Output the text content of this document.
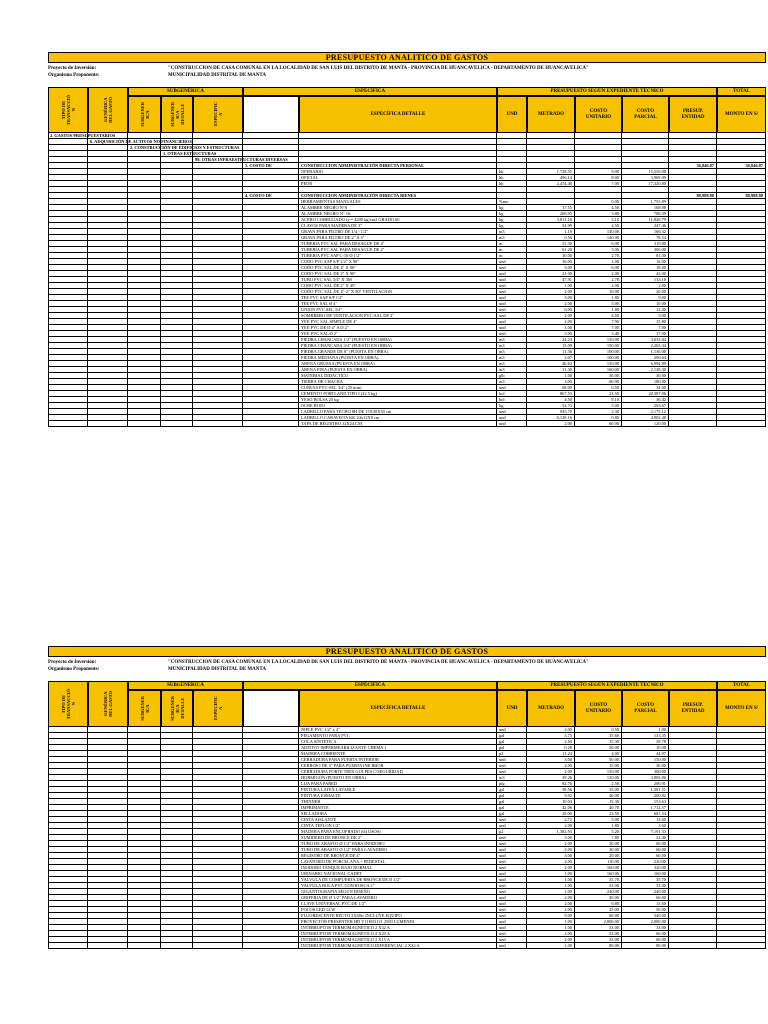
PRESUPUESTO ANALITICO DE GASTOS
Proyecto de Inversión:	"CONSTRUCCION DE CASA COMUNAL EN LA LOCALIDAD DE SAN LUIS DEL DISTRITO DE MANTA - PROVINCIA DE HUANCAVELICA - DEPARTAMENTO DE HUANCAVELICA"
Organismo Proponente:	MUNICIPALIDAD DISTRITAL DE MANTA
TIPO DE
TRANSACCIÓ
N	GENÉRICA
DEL GASTO
SUBGENÉRICA
SUBGENER
ICA	SUBGENER
ICA
DETALLE	ESPECIFIC
A
ESPECÍFICA
ESPECÍFICA DETALLE
PRESUPUESTO SEGÚN EXPEDIENTE TÉCNICO
UND	METRADO
COSTO
UNITARIO
COSTO
PARCIAL
PRESUP.
ENTIDAD
TOTAL
MONTO EN S/
2. GASTOS PRESUPUESTARIOS
6. ADQUISICIÓN DE ACTIVOS NO FINANCIEROS
2. CONSTRUCCIÓN DE EDIFICIOS Y ESTRUCTURAS
1. OTRAS ESTRUCTURAS
99. OTRAS INFRAESTRUCTURAS DIVERSAS
1. COSTO DE	CONSTRUCCION ADMINISTRACIÓN DIRECTA PERSONAL	36,846.87	36,846.87
OPERARIO	hh	1,728.55	9.00	15,556.98
OFICIAL	hh	496.14	8.00	3,969.09
PEON	hh	2,474.40	7.00	17,320.80
4. COSTO DE	CONSTRUCCION ADMINISTRACIÓN DIRECTA BIENES	88,988.88	88,988.88
HERRAMIENTAS MANUALES	%mo	0.00	1,753.89
ALAMBRE NEGRO N°8	kg	37.55	4.50	168.98
ALAMBRE NEGRO N° 16	kg	206.95	3.80	786.39
ACERO CORRUGADO fy = 4200 kg/cm2 GRADO 60	kg	3,813.16	3.10	11,820.79
CLAVOS PARA MADERA DE 3"	kg	54.99	4.50	247.46
GRAVA PARA FILTRO DE 1/4 - 1/2"	m3	1.19	140.00	166.32
GRAVA PARA FILTRO DE 2" A 3"	m3	0.56	140.00	78.54
TUBERIA PVC SAL PARA DESAGUE DE 4"	m	53.30	6.00	319.80
TUBERIA PVC SAL PARA DESAGUE DE 2"	m	61.20	5.00	306.00
TUBERIA PVC SAP C-10 Ø 1/2"	m	30.00	2.70	81.00
CODO PVC SAP S/P 1/2" X 90°	und	16.00	1.00	16.00
CODO PVC SAL DE 4" X 90°	und	3.00	6.00	18.00
CODO PVC SAL DE 2" X 90°	und	21.00	2.00	42.00
TUBO PVC SAL 3/4" X 3M	und	47.91	2.78	133.18
CODO PVC SAL DE 2" X 45°	und	1.00	2.00	2.00
CODO PVC SAL DE 4"-2" X 90° VENTILACION	und	2.00	10.00	20.00
TEE PVC SAP S/P 1/2"	und	5.00	1.80	9.00
TEE PVC SAL Ø 4"	und	2.00	5.00	10.00
UNION PVC SEL 3/4"	und	6.00	1.80	12.00
SOMBRERO DE VENTILACION PVC-SAL DE 2"	und	2.00	4.50	9.00
YEE PVC SAL SIMPLE DE 4"	und	2.00	7.90	15.80
YEE PVC DE Ø 4" A Ø 2"	und	1.00	7.00	7.00
YEE PVC SAL Ø 2"	und	5.00	3.40	17.00
PIEDRA CHANCADA 1/2" (PUESTO EN OBRA)	m3	24.23	150.00	3,633.84
PIEDRA CHANCADA 3/4" (PUESTO EN OBRA)	m3	15.09	150.00	2,263.34
PIEDRA GRANDE DE 8" (PUESTA EN OBRA)	m3	11.36	100.00	1,136.00
PIEDRA MEDIANA (PUESTA EN OBRA)	m3	2.07	100.00	206.64
ARENA GRUESA (PUESTA EN OBRA)	m3	46.63	150.00	6,994.89
ARENA FINA (PUESTA EN OBRA)	m3	11.30	160.00	2,128.30
MATERIAL DIDACTICO	glb	1.00	30.00	30.00
TIERRA DE CHACRA	m3	3.00	60.00	180.00
CURVAS PVC-SEL 3/4" (25 mm)	und	68.00	0.50	34.00
CEMENTO PORTLAND TIPO I (42.5 kg)	bol	867.53	23.50	20,387.06
YESO BOLSA 25 kg	bol	4.50	8.10	36.42
OCRE ROJO	kg	52.73	5.00	263.67
LADRILLO PARA TECHO 8H DE 15X30X30 cm	und	945.70	2.30	2,175.12
LADRILLO CARAVISTA KK 24x12X9 cm	und	6,128.16	0.80	4,902.48
TAPA DE REGISTRO 12X24 CM	und	2.00	60.00	120.00
PRESUPUESTO ANALITICO DE GASTOS
Proyecto de Inversión:	"CONSTRUCCION DE CASA COMUNAL EN LA LOCALIDAD DE SAN LUIS DEL DISTRITO DE MANTA - PROVINCIA DE HUANCAVELICA - DEPARTAMENTO DE HUANCAVELICA"
Organismo Proponente:	MUNICIPALIDAD DISTRITAL DE MANTA
TIPO DE
TRANSACCIÓ
N	GENÉRICA
DEL GASTO
SUBGENÉRICA
SUBGENER
ICA	SUBGENER
ICA
DETALLE	ESPECIFIC
A
ESPECÍFICA
ESPECÍFICA DETALLE
PRESUPUESTO SEGÚN EXPEDIENTE TÉCNICO
UND	METRADO
COSTO
UNITARIO
COSTO
PARCIAL
PRESUP.
ENTIDAD
TOTAL
MONTO EN S/
NIPLE PVC 1/2" x 2"	und	2.00	0.50	1.00
PEGAMENTO PARA PVC	gal	3.75	35.60	133.35
COLA SINTETICA	gal	2.60	15.30	39.78
ADITIVO IMPERMEABILIZANTE CHEMA 1	gal	0.28	50.00	10.08
MADERA CORRIENTE	p2	11.24	4.00	44.97
CERRADURA PARA PUERTA INTERIOR	und	3.00	50.00	150.00
CERROJO DE 3" PARA PUERTA INE IRIOR	und	2.00	15.00	30.00
CERRADURA FORTE TRES GOLPES C/SEGURIDAD	und	2.00	150.00	300.00
HORMIGON (PUESTO EN OBRA)	m3	29.26	130.00	3,803.86
LIJA PARA PARED	plg	82.76	2.50	206.91
PINTURA LATEX LAVABLE	gal	39.56	35.00	1,391.51
PINTURA ESMALTE	gal	5.02	40.00	200.82
THINNER	gal	10.04	15.30	153.63
IMPRIMANTE	gal	42.06	40.70	1,712.57
SELLADORA	gal	29.00	23.50	681.54
CINTA AISLANTE	und	2.72	5.00	13.60
CINTA TEFLON 1/2"	und	2.00	1.80	3.60
MADERA PARA ENCOFRADO (04 USOS)	p2	1,382.93	5.20	7,191.33
SUMIDERO DE BRONCE DE 2"	und	3.00	7.80	23.40
TUBO DE ABASTO Ø 1/2" PARA INODORO	und	2.00	30.00	60.00
TUBO DE ABASTO Ø 1/2" PARA LAVADERO	und	2.00	30.00	60.00
REGISTRO DE BRONCE DE 4"	und	3.00	20.00	60.00
LAVATORIO DE PORCELANA + PEDESTAL	und	2.00	110.00	220.00
INODORO TANQUE BAJO NORMAL	und	2.00	160.00	320.00
URINARIO NACIONAL CADET	und	1.00	160.00	160.00
VALVULA DE COMPUERTA DE BRONCE DE Ø 1/2"	und	1.00	35.70	35.70
VALVULA BOLA PVC CON ROSCA 2"	und	1.00	33.00	33.00
GIGANTOGRAFIA SEGUN DISEÑO	und	1.00	240.00	240.00
GRIFERIA DE Ø 1/2" PARA LAVADERO	und	2.00	30.00	60.00
LLAVE UNIVERSAL PVC DE 1/2"	und	2.00	6.80	13.60
FOCOS LED 12 W	und	2.00	25.00	50.00
FLUORESCENTE RECTO 2X40w INCLUYE EQUIPO	und	9.00	60.00	540.00
PROYECTOR PRESENTER HD V11H33121 2500 LUMENES	und	1.00	2,000.00	2,000.00
INTERRUPTOR TERMOMAGNETICO 2 X32 A	und	1.00	33.00	33.00
INTERRUPTOR TERMOMAGNETICO 2 X20 A	und	2.00	33.00	66.00
INTERRUPTOR TERMOMAGNETICO 2 X15 A	und	2.00	33.00	66.00
INTERRUPTOR TERMOMAGNETICO DIFERENCIAL 2 X32 A	und	1.00	80.00	80.00
